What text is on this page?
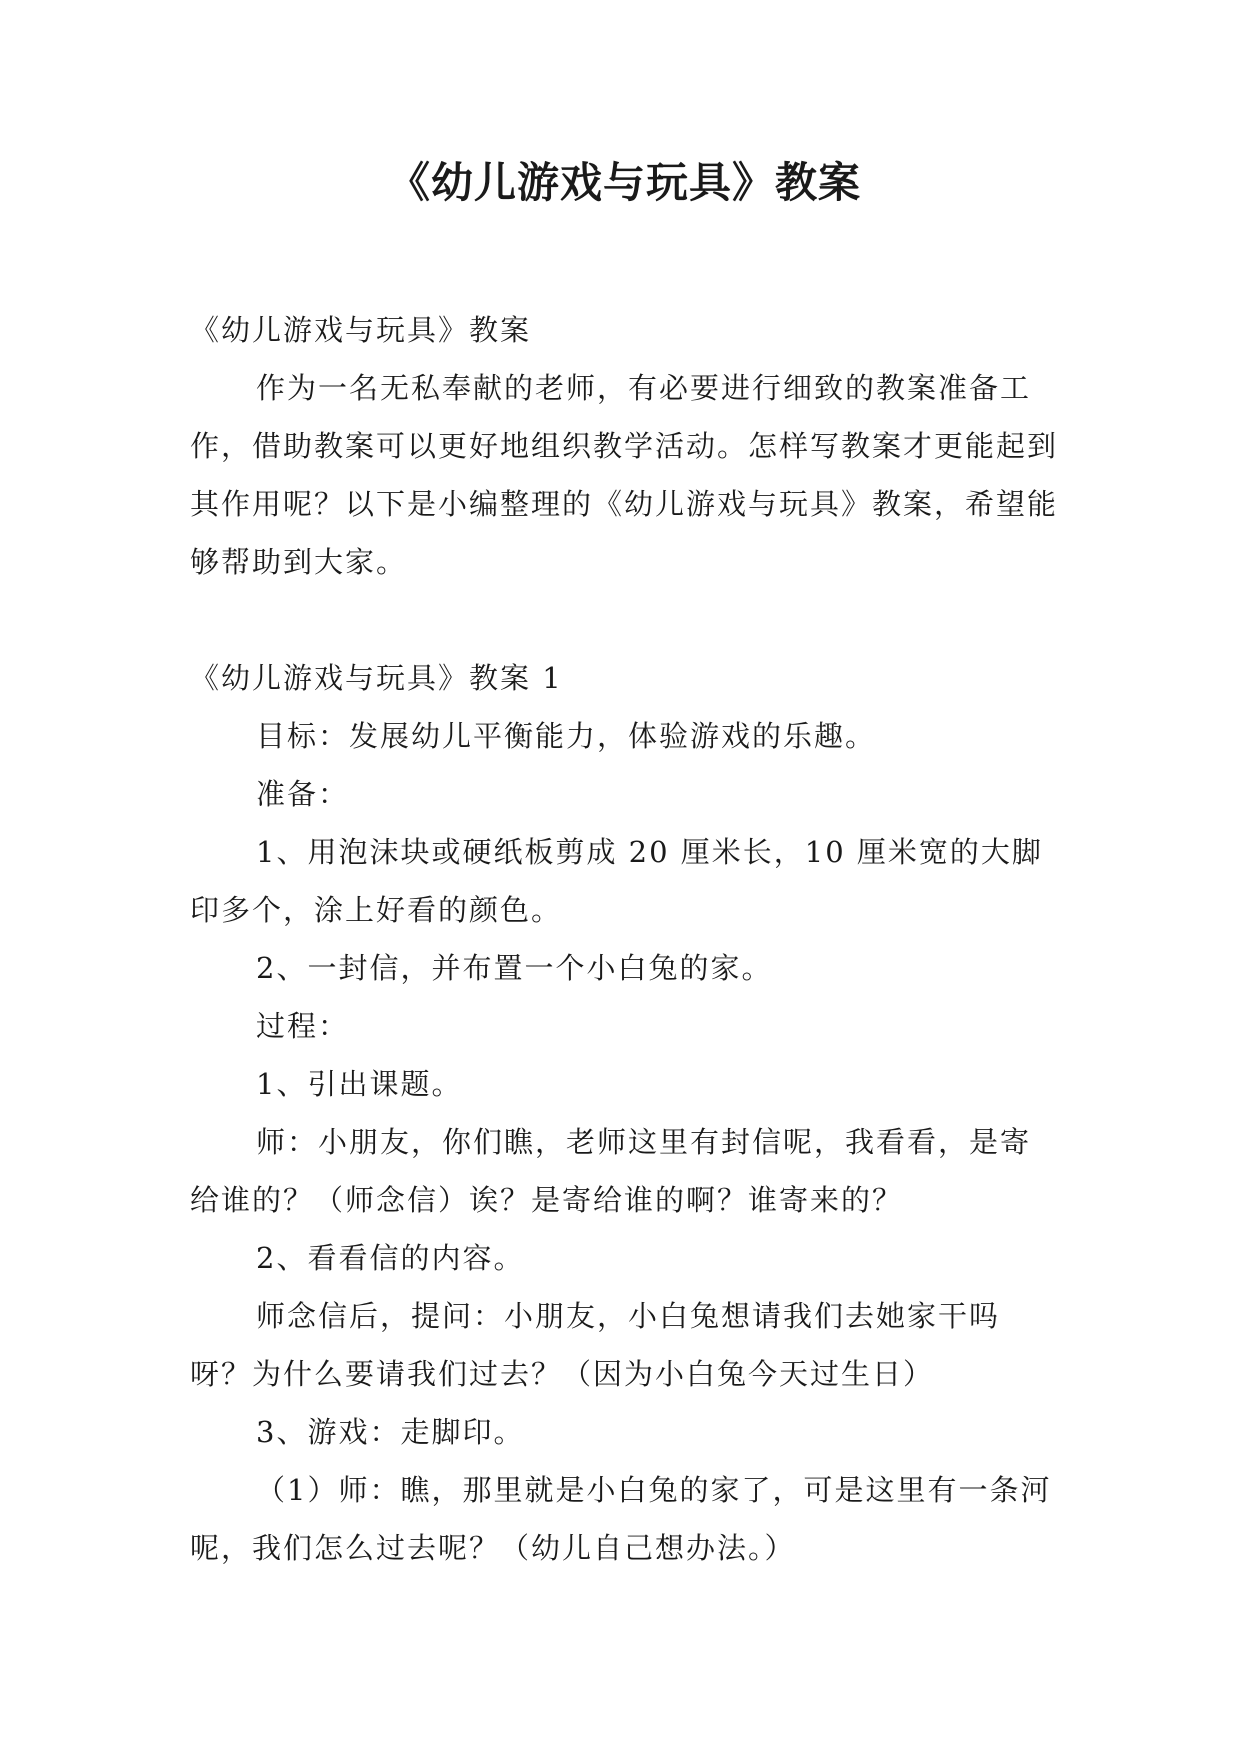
《幼儿游戏与玩具》教案

《幼儿游戏与玩具》教案

作为一名无私奉献的老师，有必要进行细致的教案准备工作，借助教案可以更好地组织教学活动。怎样写教案才更能起到其作用呢？以下是小编整理的《幼儿游戏与玩具》教案，希望能够帮助到大家。

《幼儿游戏与玩具》教案 1

目标：发展幼儿平衡能力，体验游戏的乐趣。

准备：

1、用泡沫块或硬纸板剪成 20 厘米长，10 厘米宽的大脚印多个，涂上好看的颜色。

2、一封信，并布置一个小白兔的家。

过程：

1、引出课题。

师：小朋友，你们瞧，老师这里有封信呢，我看看，是寄给谁的？（师念信）诶？是寄给谁的啊？谁寄来的？

2、看看信的内容。

师念信后，提问：小朋友，小白兔想请我们去她家干吗呀？为什么要请我们过去？（因为小白兔今天过生日）

3、游戏：走脚印。

（1）师：瞧，那里就是小白兔的家了，可是这里有一条河呢，我们怎么过去呢？（幼儿自己想办法。）
